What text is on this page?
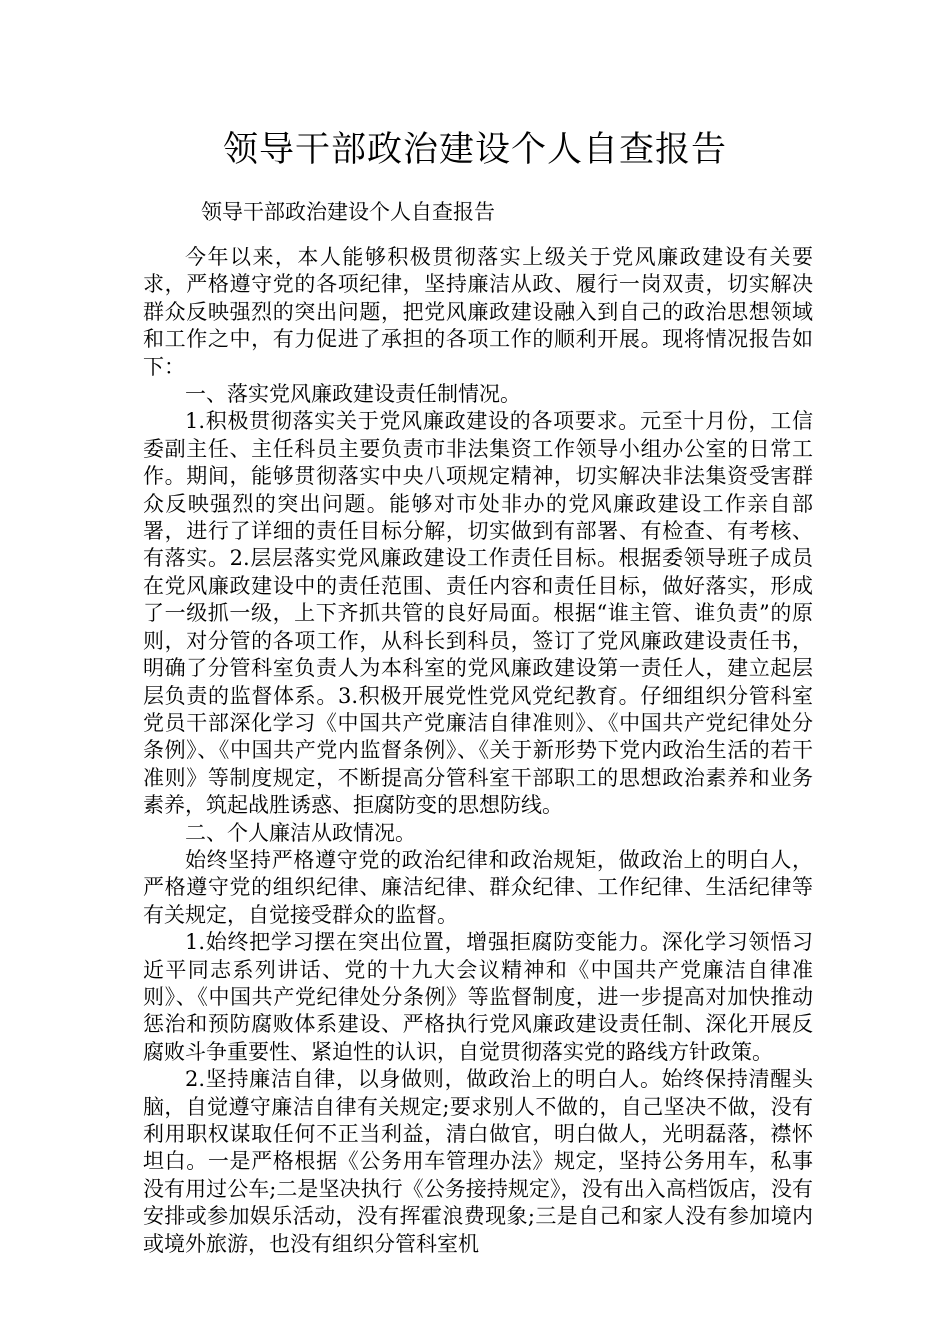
领导干部政治建设个人自查报告

领导干部政治建设个人自查报告

今年以来，本人能够积极贯彻落实上级关于党风廉政建设有关要求，严格遵守党的各项纪律，坚持廉洁从政、履行一岗双责，切实解决群众反映强烈的突出问题，把党风廉政建设融入到自己的政治思想领域和工作之中，有力促进了承担的各项工作的顺利开展。现将情况报告如下：

一、落实党风廉政建设责任制情况。

1.积极贯彻落实关于党风廉政建设的各项要求。元至十月份，工信委副主任、主任科员主要负责市非法集资工作领导小组办公室的日常工作。期间，能够贯彻落实中央八项规定精神，切实解决非法集资受害群众反映强烈的突出问题。能够对市处非办的党风廉政建设工作亲自部署，进行了详细的责任目标分解，切实做到有部署、有检查、有考核、有落实。2.层层落实党风廉政建设工作责任目标。根据委领导班子成员在党风廉政建设中的责任范围、责任内容和责任目标，做好落实，形成了一级抓一级，上下齐抓共管的良好局面。根据“谁主管、谁负责”的原则，对分管的各项工作，从科长到科员，签订了党风廉政建设责任书，明确了分管科室负责人为本科室的党风廉政建设第一责任人，建立起层层负责的监督体系。3.积极开展党性党风党纪教育。仔细组织分管科室党员干部深化学习《中国共产党廉洁自律准则》、《中国共产党纪律处分条例》、《中国共产党内监督条例》、《关于新形势下党内政治生活的若干准则》等制度规定，不断提高分管科室干部职工的思想政治素养和业务素养，筑起战胜诱惑、拒腐防变的思想防线。

二、个人廉洁从政情况。

始终坚持严格遵守党的政治纪律和政治规矩，做政治上的明白人，严格遵守党的组织纪律、廉洁纪律、群众纪律、工作纪律、生活纪律等有关规定，自觉接受群众的监督。

1.始终把学习摆在突出位置，增强拒腐防变能力。深化学习领悟习近平同志系列讲话、党的十九大会议精神和《中国共产党廉洁自律准则》、《中国共产党纪律处分条例》等监督制度，进一步提高对加快推动惩治和预防腐败体系建设、严格执行党风廉政建设责任制、深化开展反腐败斗争重要性、紧迫性的认识，自觉贯彻落实党的路线方针政策。

2.坚持廉洁自律，以身做则，做政治上的明白人。始终保持清醒头脑，自觉遵守廉洁自律有关规定;要求别人不做的，自己坚决不做，没有利用职权谋取任何不正当利益，清白做官，明白做人，光明磊落，襟怀坦白。一是严格根据《公务用车管理办法》规定，坚持公务用车，私事没有用过公车;二是坚决执行《公务接持规定》，没有出入高档饭店，没有安排或参加娱乐活动，没有挥霍浪费现象;三是自己和家人没有参加境内或境外旅游，也没有组织分管科室机
